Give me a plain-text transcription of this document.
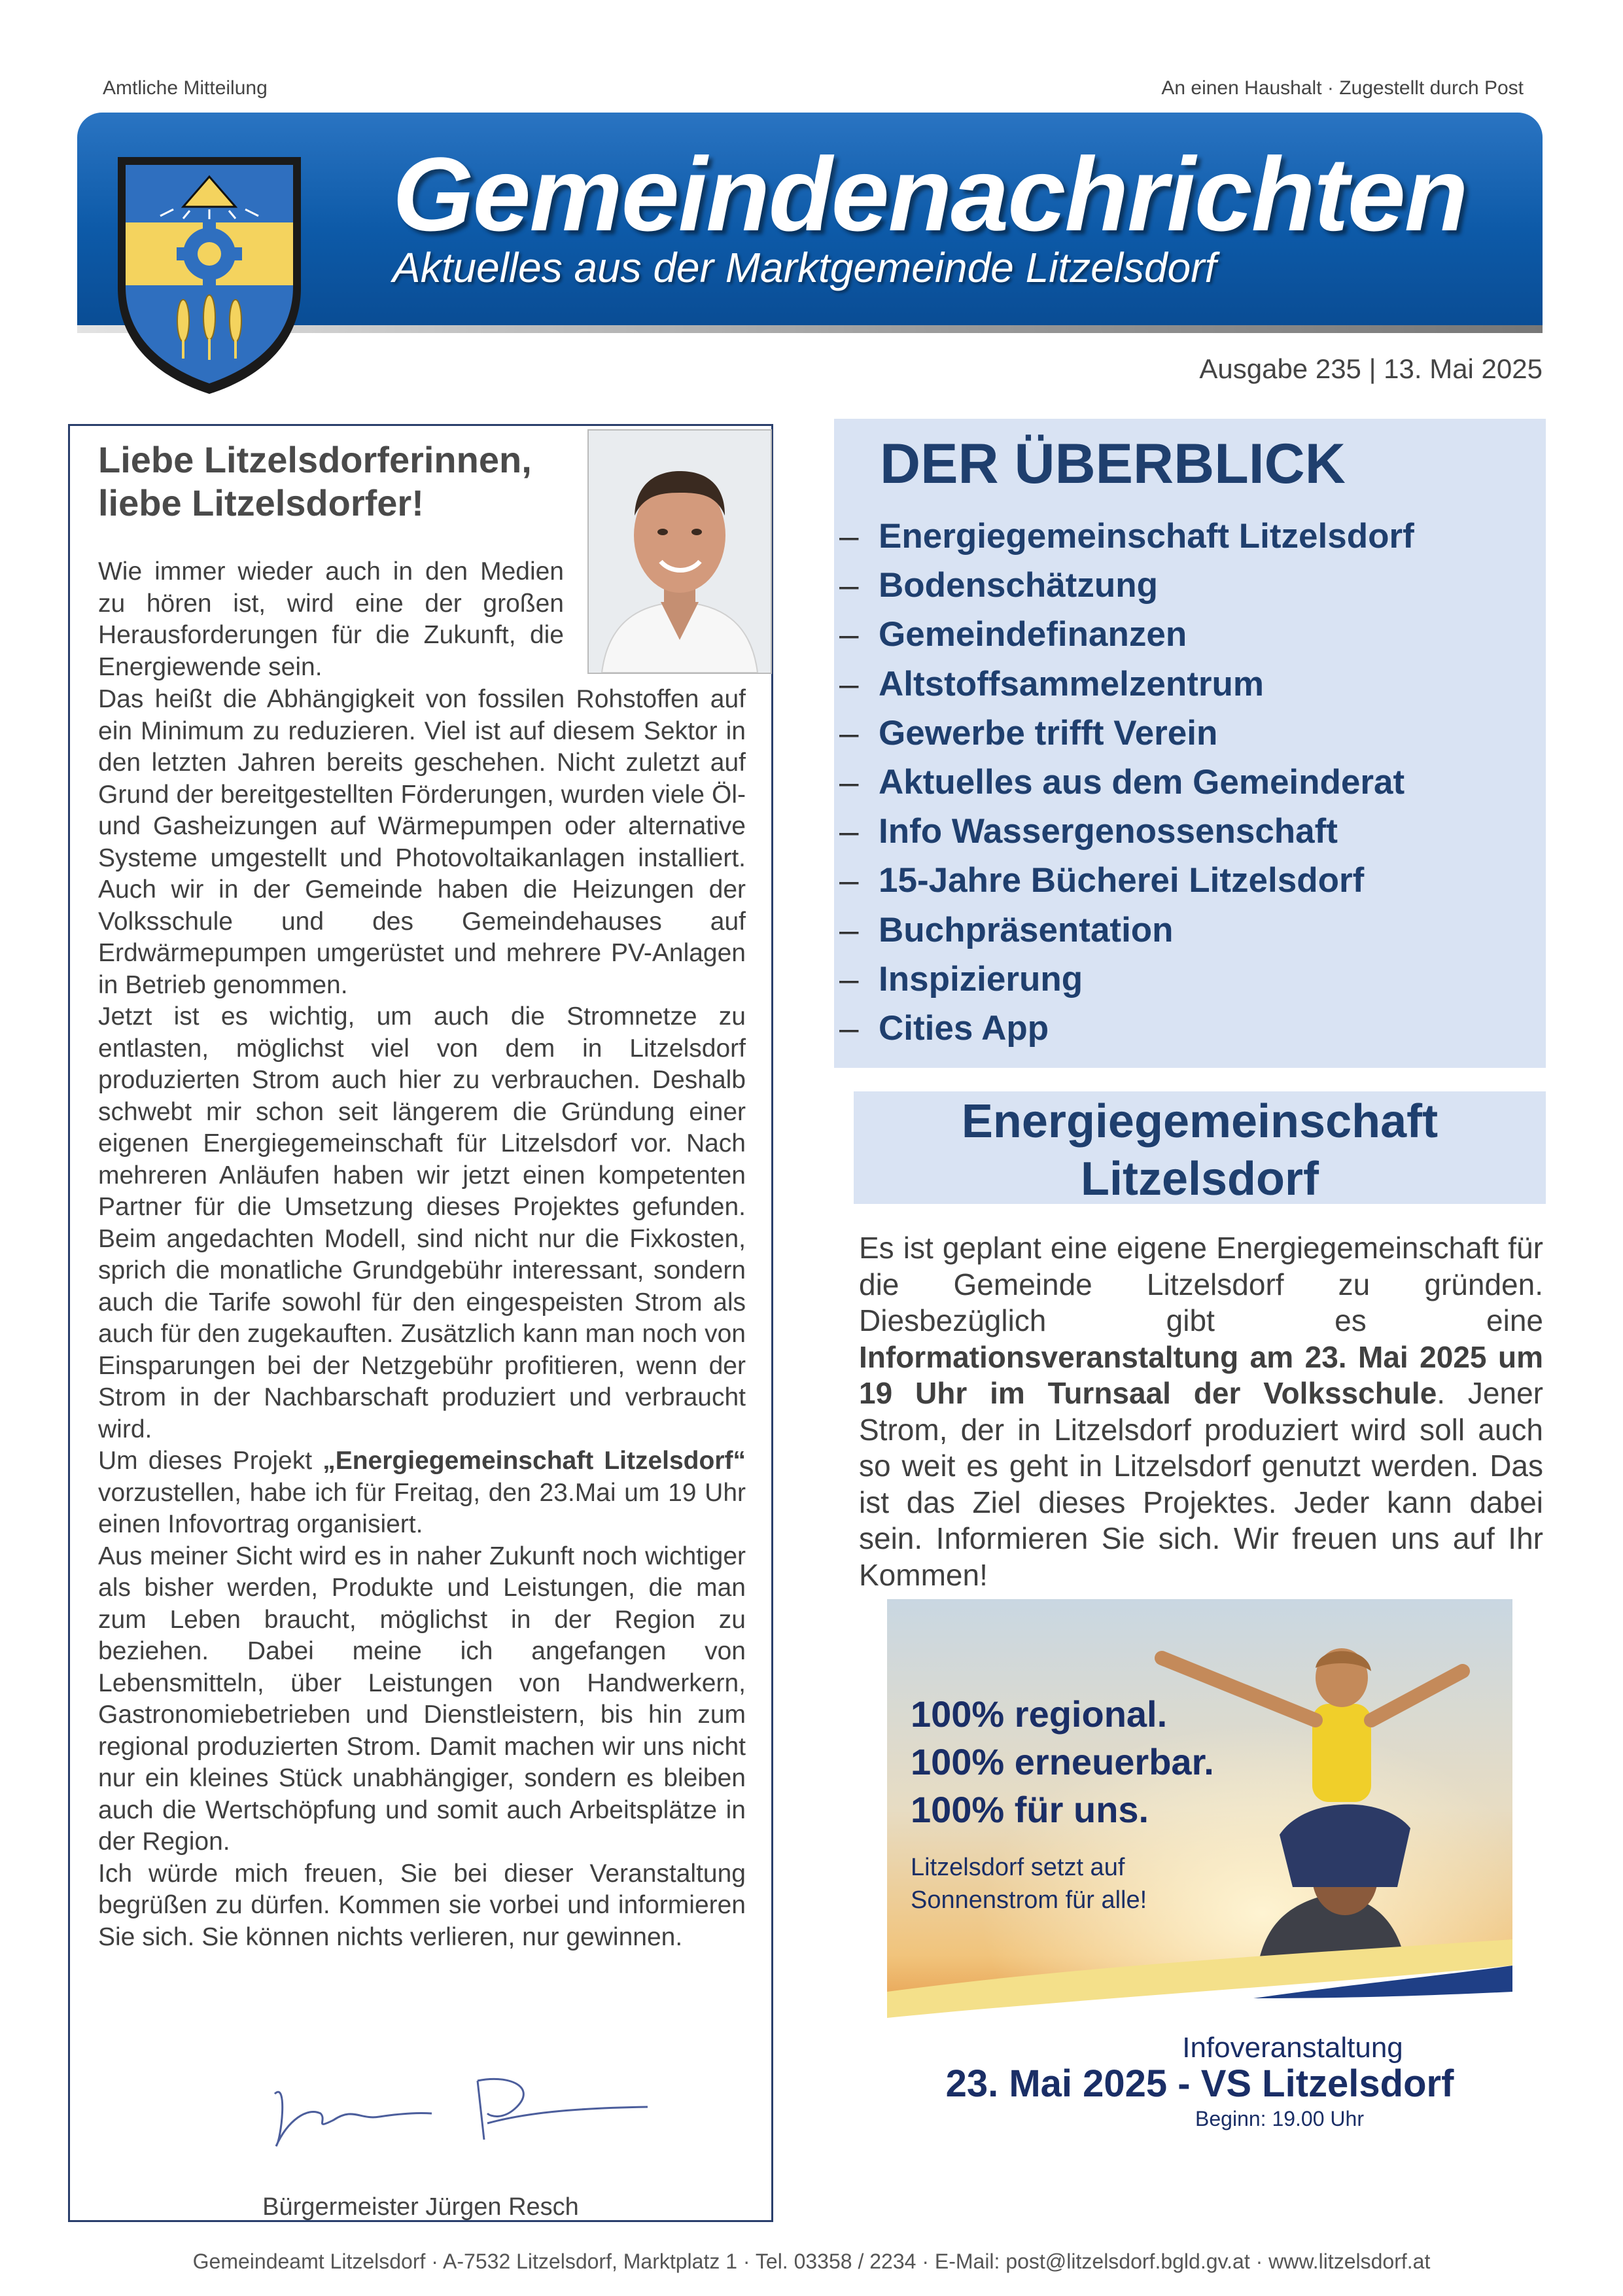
Amtliche Mitteilung	An einen Haushalt · Zugestellt durch Post
Gemeindenachrichten
Aktuelles aus der Marktgemeinde Litzelsdorf
Ausgabe 235 | 13. Mai 2025
Liebe Litzelsdorferinnen, liebe Litzelsdorfer!
Wie immer wieder auch in den Medien zu hören ist, wird eine der großen Herausforderungen für die Zukunft, die Energiewende sein.
Das heißt die Abhängigkeit von fossilen Rohstoffen auf ein Minimum zu reduzieren. Viel ist auf diesem Sektor in den letzten Jahren bereits geschehen. Nicht zuletzt auf Grund der bereitgestellten Förderungen, wurden viele Öl- und Gasheizungen auf Wärmepumpen oder alternative Systeme umgestellt und Photovoltaikanlagen installiert. Auch wir in der Gemeinde haben die Heizungen der Volksschule und des Gemeindehauses auf Erdwärmepumpen umgerüstet und mehrere PV-Anlagen in Betrieb genommen.
Jetzt ist es wichtig, um auch die Stromnetze zu entlasten, möglichst viel von dem in Litzelsdorf produzierten Strom auch hier zu verbrauchen. Deshalb schwebt mir schon seit längerem die Gründung einer eigenen Energiegemeinschaft für Litzelsdorf vor. Nach mehreren Anläufen haben wir jetzt einen kompetenten Partner für die Umsetzung dieses Projektes gefunden. Beim angedachten Modell, sind nicht nur die Fixkosten, sprich die monatliche Grundgebühr interessant, sondern auch die Tarife sowohl für den eingespeisten Strom als auch für den zugekauften. Zusätzlich kann man noch von Einsparungen bei der Netzgebühr profitieren, wenn der Strom in der Nachbarschaft produziert und verbraucht wird.
Um dieses Projekt „Energiegemeinschaft Litzelsdorf“ vorzustellen, habe ich für Freitag, den 23.Mai um 19 Uhr einen Infovortrag organisiert.
Aus meiner Sicht wird es in naher Zukunft noch wichtiger als bisher werden, Produkte und Leistungen, die man zum Leben braucht, möglichst in der Region zu beziehen. Dabei meine ich angefangen von Lebensmitteln, über Leistungen von Handwerkern, Gastronomiebetrieben und Dienstleistern, bis hin zum regional produzierten Strom. Damit machen wir uns nicht nur ein kleines Stück unabhängiger, sondern es bleiben auch die Wertschöpfung und somit auch Arbeitsplätze in der Region.
Ich würde mich freuen, Sie bei dieser Veranstaltung begrüßen zu dürfen. Kommen sie vorbei und informieren Sie sich. Sie können nichts verlieren, nur gewinnen.
Bürgermeister Jürgen Resch
DER ÜBERBLICK
– Energiegemeinschaft Litzelsdorf
– Bodenschätzung
– Gemeindefinanzen
– Altstoffsammelzentrum
– Gewerbe trifft Verein
– Aktuelles aus dem Gemeinderat
– Info Wassergenossenschaft
– 15-Jahre Bücherei Litzelsdorf
– Buchpräsentation
– Inspizierung
– Cities App
Energiegemeinschaft
Litzelsdorf
Es ist geplant eine eigene Energiegemeinschaft für die Gemeinde Litzelsdorf zu gründen. Diesbezüglich gibt es eine Informationsveranstaltung am 23. Mai 2025 um 19 Uhr im Turnsaal der Volksschule. Jener Strom, der in Litzelsdorf produziert wird soll auch so weit es geht in Litzelsdorf genutzt werden. Das ist das Ziel dieses Projektes. Jeder kann dabei sein. Informieren Sie sich. Wir freuen uns auf Ihr Kommen!
100% regional.
100% erneuerbar.
100% für uns.
Litzelsdorf setzt auf
Sonnenstrom für alle!
Infoveranstaltung
23. Mai 2025 - VS Litzelsdorf
Beginn: 19.00 Uhr
Gemeindeamt Litzelsdorf · A-7532 Litzelsdorf, Marktplatz 1 · Tel. 03358 / 2234 · E-Mail: post@litzelsdorf.bgld.gv.at · www.litzelsdorf.at
